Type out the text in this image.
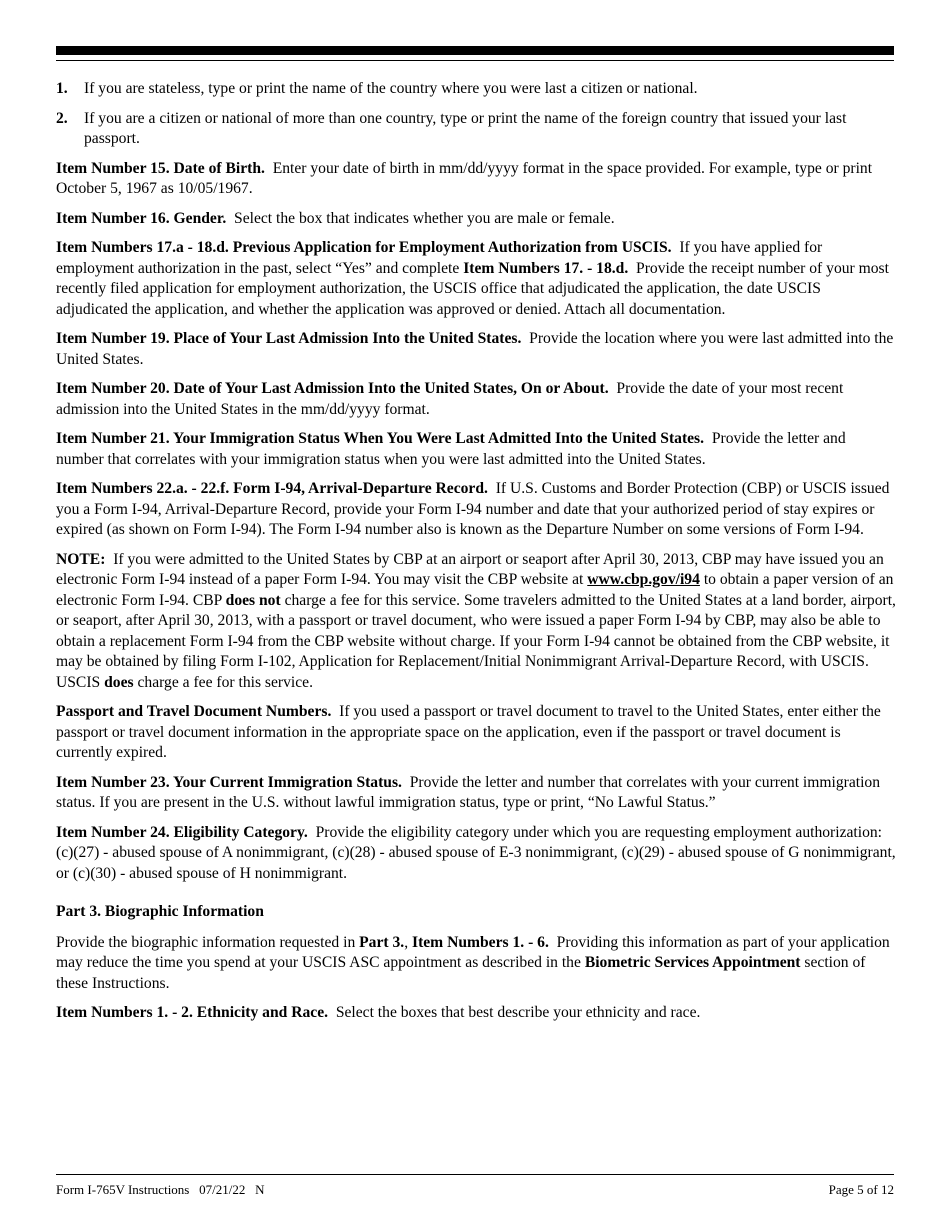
1.	If you are stateless, type or print the name of the country where you were last a citizen or national.
2.	If you are a citizen or national of more than one country, type or print the name of the foreign country that issued your last passport.

Item Number 15. Date of Birth. Enter your date of birth in mm/dd/yyyy format in the space provided. For example, type or print October 5, 1967 as 10/05/1967.

Item Number 16. Gender. Select the box that indicates whether you are male or female.

Item Numbers 17.a - 18.d. Previous Application for Employment Authorization from USCIS. If you have applied for employment authorization in the past, select “Yes” and complete Item Numbers 17. - 18.d. Provide the receipt number of your most recently filed application for employment authorization, the USCIS office that adjudicated the application, the date USCIS adjudicated the application, and whether the application was approved or denied. Attach all documentation.

Item Number 19. Place of Your Last Admission Into the United States. Provide the location where you were last admitted into the United States.

Item Number 20. Date of Your Last Admission Into the United States, On or About. Provide the date of your most recent admission into the United States in the mm/dd/yyyy format.

Item Number 21. Your Immigration Status When You Were Last Admitted Into the United States. Provide the letter and number that correlates with your immigration status when you were last admitted into the United States.

Item Numbers 22.a. - 22.f. Form I-94, Arrival-Departure Record. If U.S. Customs and Border Protection (CBP) or USCIS issued you a Form I-94, Arrival-Departure Record, provide your Form I-94 number and date that your authorized period of stay expires or expired (as shown on Form I-94). The Form I-94 number also is known as the Departure Number on some versions of Form I-94.

NOTE: If you were admitted to the United States by CBP at an airport or seaport after April 30, 2013, CBP may have issued you an electronic Form I-94 instead of a paper Form I-94. You may visit the CBP website at www.cbp.gov/i94 to obtain a paper version of an electronic Form I-94. CBP does not charge a fee for this service. Some travelers admitted to the United States at a land border, airport, or seaport, after April 30, 2013, with a passport or travel document, who were issued a paper Form I-94 by CBP, may also be able to obtain a replacement Form I-94 from the CBP website without charge. If your Form I-94 cannot be obtained from the CBP website, it may be obtained by filing Form I-102, Application for Replacement/Initial Nonimmigrant Arrival-Departure Record, with USCIS. USCIS does charge a fee for this service.

Passport and Travel Document Numbers. If you used a passport or travel document to travel to the United States, enter either the passport or travel document information in the appropriate space on the application, even if the passport or travel document is currently expired.

Item Number 23. Your Current Immigration Status. Provide the letter and number that correlates with your current immigration status. If you are present in the U.S. without lawful immigration status, type or print, “No Lawful Status.”

Item Number 24. Eligibility Category. Provide the eligibility category under which you are requesting employment authorization: (c)(27) - abused spouse of A nonimmigrant, (c)(28) - abused spouse of E-3 nonimmigrant, (c)(29) - abused spouse of G nonimmigrant, or (c)(30) - abused spouse of H nonimmigrant.

Part 3. Biographic Information

Provide the biographic information requested in Part 3., Item Numbers 1. - 6. Providing this information as part of your application may reduce the time you spend at your USCIS ASC appointment as described in the Biometric Services Appointment section of these Instructions.

Item Numbers 1. - 2. Ethnicity and Race. Select the boxes that best describe your ethnicity and race.

Form I-765V Instructions   07/21/22   N	Page 5 of 12
